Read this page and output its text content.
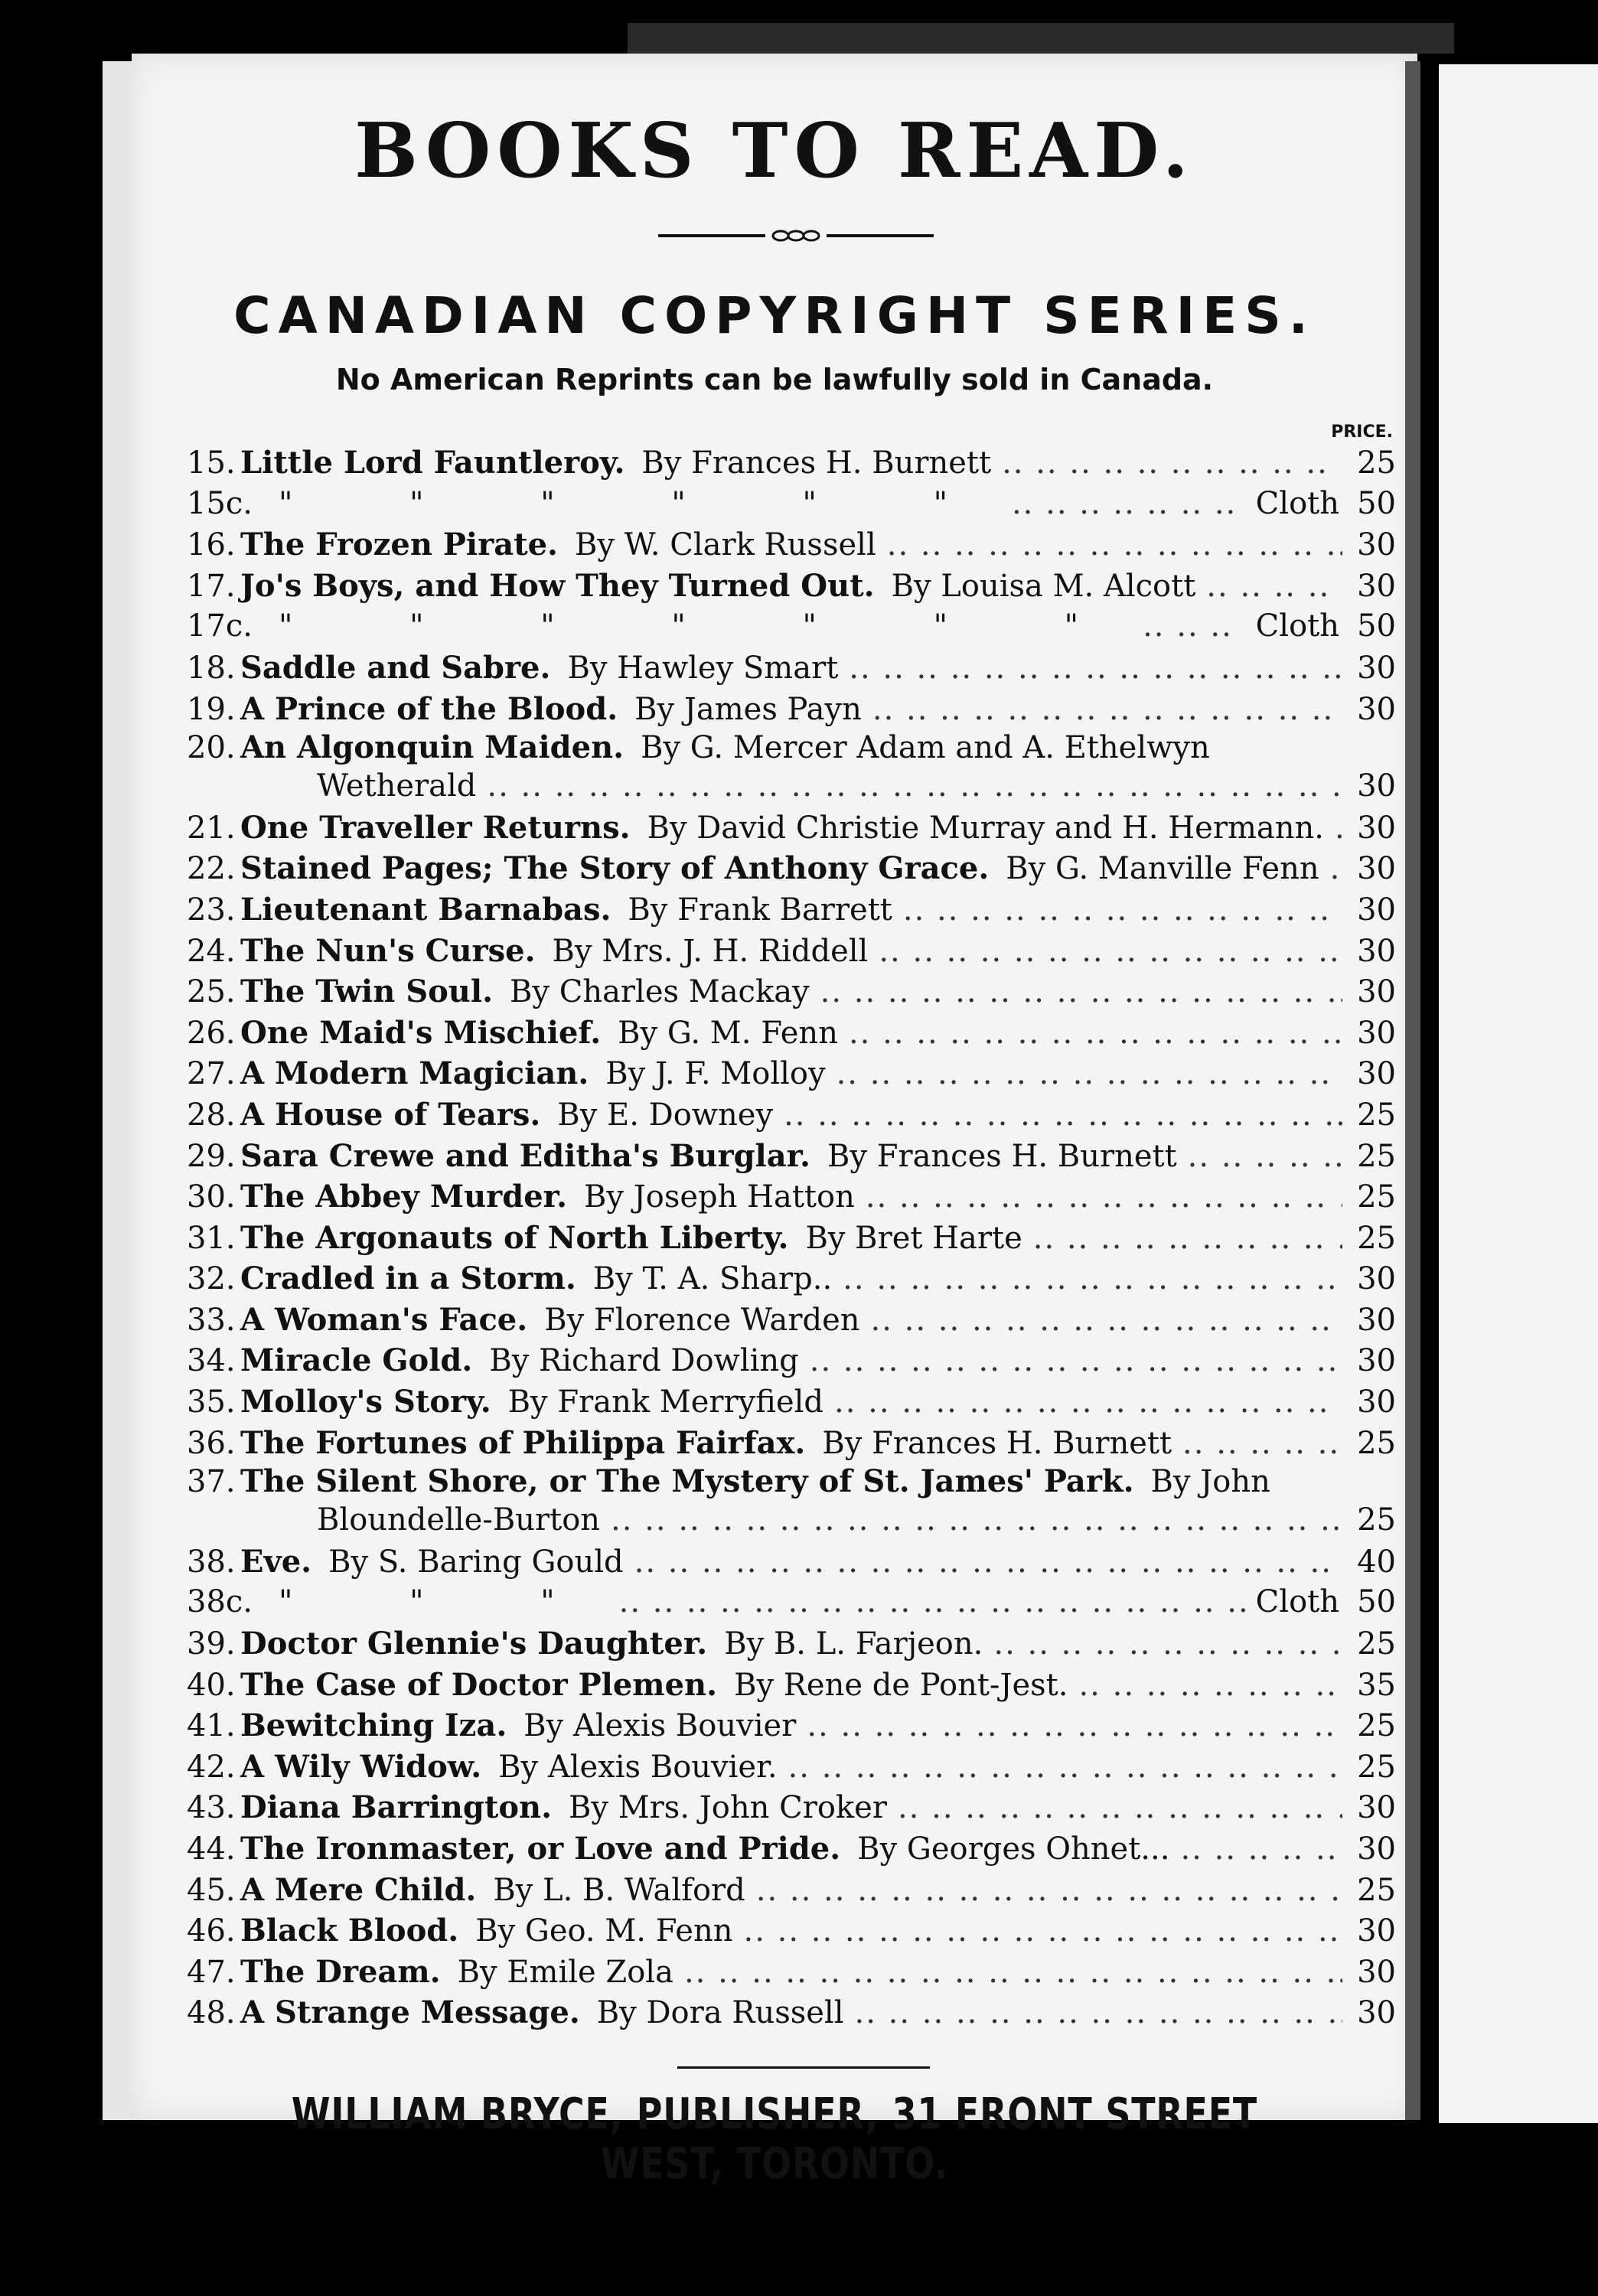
BOOKS TO READ.
CANADIAN COPYRIGHT SERIES.
No American Reprints can be lawfully sold in Canada.
PRICE.
15. Little Lord Fauntleroy. By Frances H. Burnett .. ..	25
15c. " " " " " " .. ..	Cloth 50
16. The Frozen Pirate. By W. Clark Russell .. ..	30
17. Jo's Boys, and How They Turned Out. By Louisa M. Alcott .. ..	30
17c. " " " " " " " .. ..	Cloth 50
18. Saddle and Sabre. By Hawley Smart .. ..	30
19. A Prince of the Blood. By James Payn .. ..	30
20. An Algonquin Maiden. By G. Mercer Adam and A. Ethelwyn
Wetherald .. ..	30
21. One Traveller Returns. By David Christie Murray and H. Hermann. .. .. 30
22. Stained Pages; The Story of Anthony Grace. By G. Manville Fenn .. .. 30
23. Lieutenant Barnabas. By Frank Barrett .. ..	30
24. The Nun's Curse. By Mrs. J. H. Riddell .. ..	30
25. The Twin Soul. By Charles Mackay .. ..	30
26. One Maid's Mischief. By G. M. Fenn .. ..	30
27. A Modern Magician. By J. F. Molloy .. ..	30
28. A House of Tears. By E. Downey .. ..	25
29. Sara Crewe and Editha's Burglar. By Frances H. Burnett .. ..	25
30. The Abbey Murder. By Joseph Hatton .. ..	25
31. The Argonauts of North Liberty. By Bret Harte .. ..	25
32. Cradled in a Storm. By T. A. Sharp.. .. ..	30
33. A Woman's Face. By Florence Warden .. ..	30
34. Miracle Gold. By Richard Dowling .. ..	30
35. Molloy's Story. By Frank Merryfield .. ..	30
36. The Fortunes of Philippa Fairfax. By Frances H. Burnett .. ..	25
37. The Silent Shore, or The Mystery of St. James' Park. By John
Bloundelle-Burton .. ..	25
38. Eve. By S. Baring Gould .. ..	40
38c. " " " .. ..	Cloth 50
39. Doctor Glennie's Daughter. By B. L. Farjeon. .. ..	25
40. The Case of Doctor Plemen. By Rene de Pont-Jest. .. ..	35
41. Bewitching Iza. By Alexis Bouvier .. ..	25
42. A Wily Widow. By Alexis Bouvier. .. ..	25
43. Diana Barrington. By Mrs. John Croker .. ..	30
44. The Ironmaster, or Love and Pride. By Georges Ohnet... .. ..	30
45. A Mere Child. By L. B. Walford .. ..	25
46. Black Blood. By Geo. M. Fenn .. ..	30
47. The Dream. By Emile Zola .. ..	30
48. A Strange Message. By Dora Russell .. ..	30
WILLIAM BRYCE, PUBLISHER, 31 FRONT STREET WEST, TORONTO.
